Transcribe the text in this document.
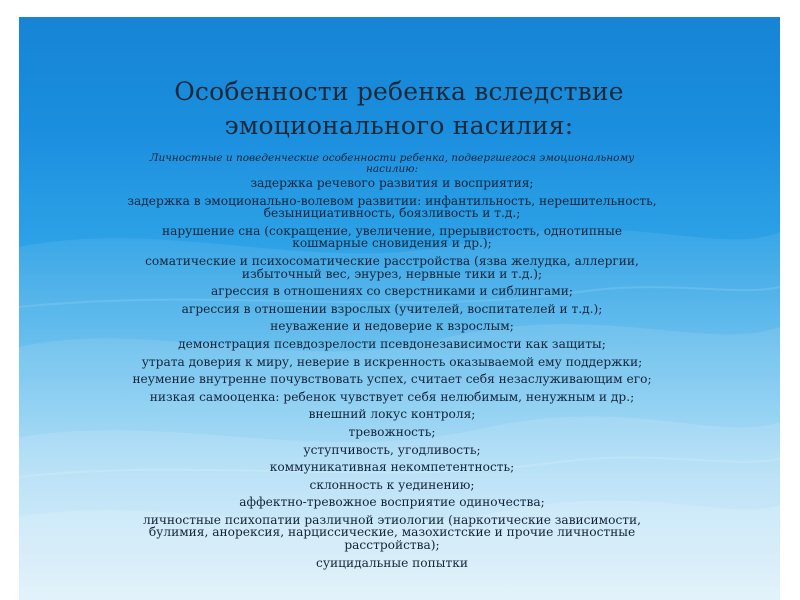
Особенности ребенка вследствие
эмоционального насилия:
Личностные и поведенческие особенности ребенка, подвергшегося эмоциональному
насилию:
задержка речевого развития и восприятия;
задержка в эмоционально-волевом развитии: инфантильность, нерешительность,
безынициативность, боязливость и т.д.;
нарушение сна (сокращение, увеличение, прерывистость, однотипные
кошмарные сновидения и др.);
соматические и психосоматические расстройства (язва желудка, аллергии,
избыточный вес, энурез, нервные тики и т.д.);
агрессия в отношениях со сверстниками и сиблингами;
агрессия в отношении взрослых (учителей, воспитателей и т.д.);
неуважение и недоверие к взрослым;
демонстрация псевдозрелости псевдонезависимости как защиты;
утрата доверия к миру, неверие в искренность оказываемой ему поддержки;
неумение внутренне почувствовать успех, считает себя незаслуживающим его;
низкая самооценка: ребенок чувствует себя нелюбимым, ненужным и др.;
внешний локус контроля;
тревожность;
уступчивость, угодливость;
коммуникативная некомпетентность;
склонность к уединению;
аффектно-тревожное восприятие одиночества;
личностные психопатии различной этиологии (наркотические зависимости,
булимия, анорексия, нарциссические, мазохистские и прочие личностные
расстройства);
суицидальные попытки
